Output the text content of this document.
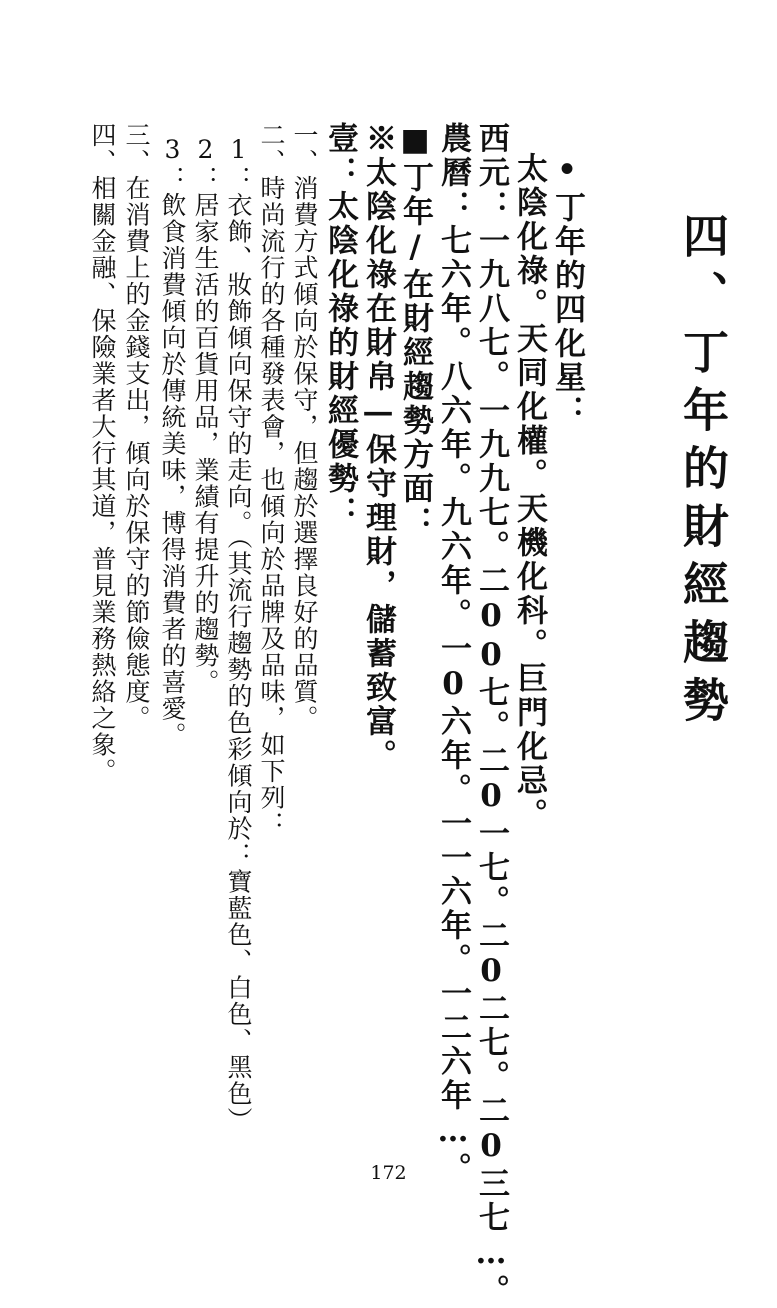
四、丁年的財經趨勢
•丁年的四化星：
太陰化祿。天同化權。天機化科。巨門化忌。
西元：一九八七。一九九七。二00七。二0一七。二0二七。二0三七…。
農曆：七六年。八六年。九六年。一0六年。一一六年。一二六年…。
■丁年/在財經趨勢方面：
※太陰化祿在財帛—保守理財，儲蓄致富。
壹：太陰化祿的財經優勢：
一、消費方式傾向於保守，但趨於選擇良好的品質。
二、時尚流行的各種發表會，也傾向於品牌及品味，如下列：
1：衣飾、妝飾傾向保守的走向。（其流行趨勢的色彩傾向於：寶藍色、白色、黑色）
2：居家生活的百貨用品，業績有提升的趨勢。
3：飲食消費傾向於傳統美味，博得消費者的喜愛。
三、在消費上的金錢支出，傾向於保守的節儉態度。
四、相關金融、保險業者大行其道，普見業務熱絡之象。
172
